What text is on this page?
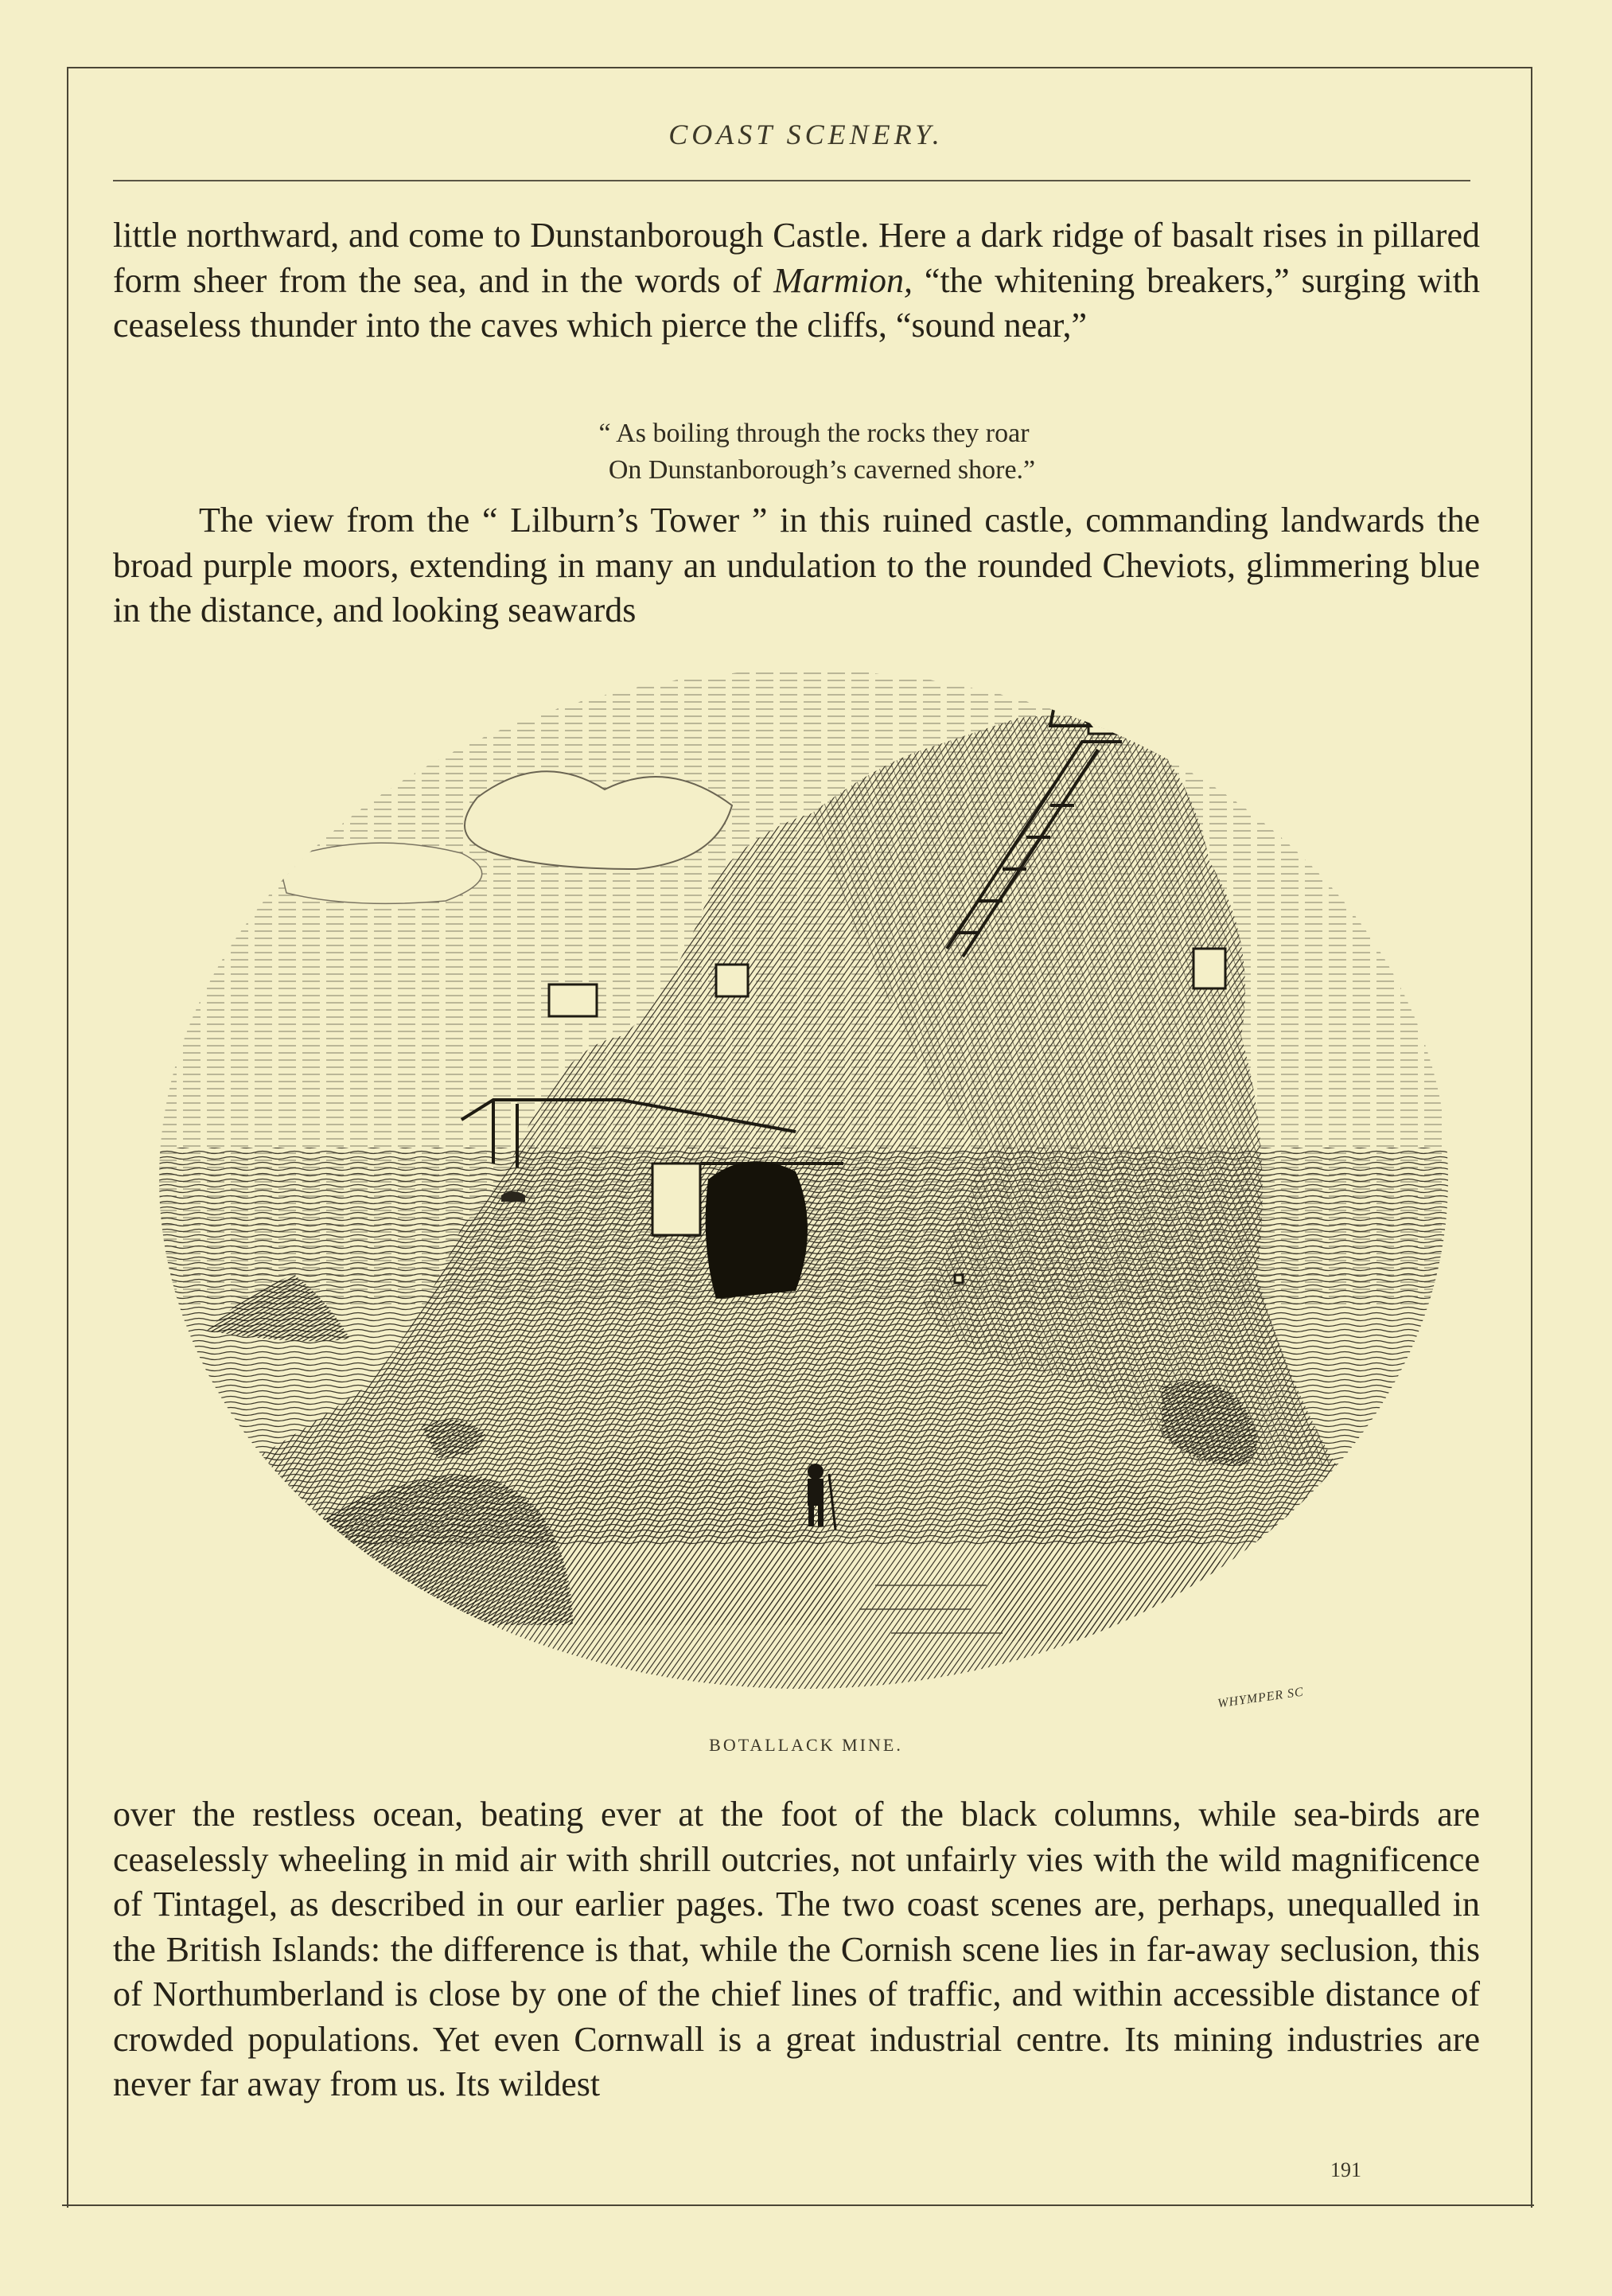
COAST SCENERY.

little northward, and come to Dunstanborough Castle. Here a dark ridge of basalt rises in pillared form sheer from the sea, and in the words of Marmion, “the whitening breakers,” surging with ceaseless thunder into the caves which pierce the cliffs, “sound near,”

“ As boiling through the rocks they roar
On Dunstanborough’s caverned shore.”

The view from the “ Lilburn’s Tower ” in this ruined castle, commanding landwards the broad purple moors, extending in many an undulation to the rounded Cheviots, glimmering blue in the distance, and looking seawards

WHYMPER SC
BOTALLACK MINE.

over the restless ocean, beating ever at the foot of the black columns, while sea-birds are ceaselessly wheeling in mid air with shrill outcries, not unfairly vies with the wild magnificence of Tintagel, as described in our earlier pages. The two coast scenes are, perhaps, unequalled in the British Islands: the difference is that, while the Cornish scene lies in far-away seclusion, this of Northumberland is close by one of the chief lines of traffic, and within accessible distance of crowded populations. Yet even Cornwall is a great industrial centre. Its mining industries are never far away from us. Its wildest

191
